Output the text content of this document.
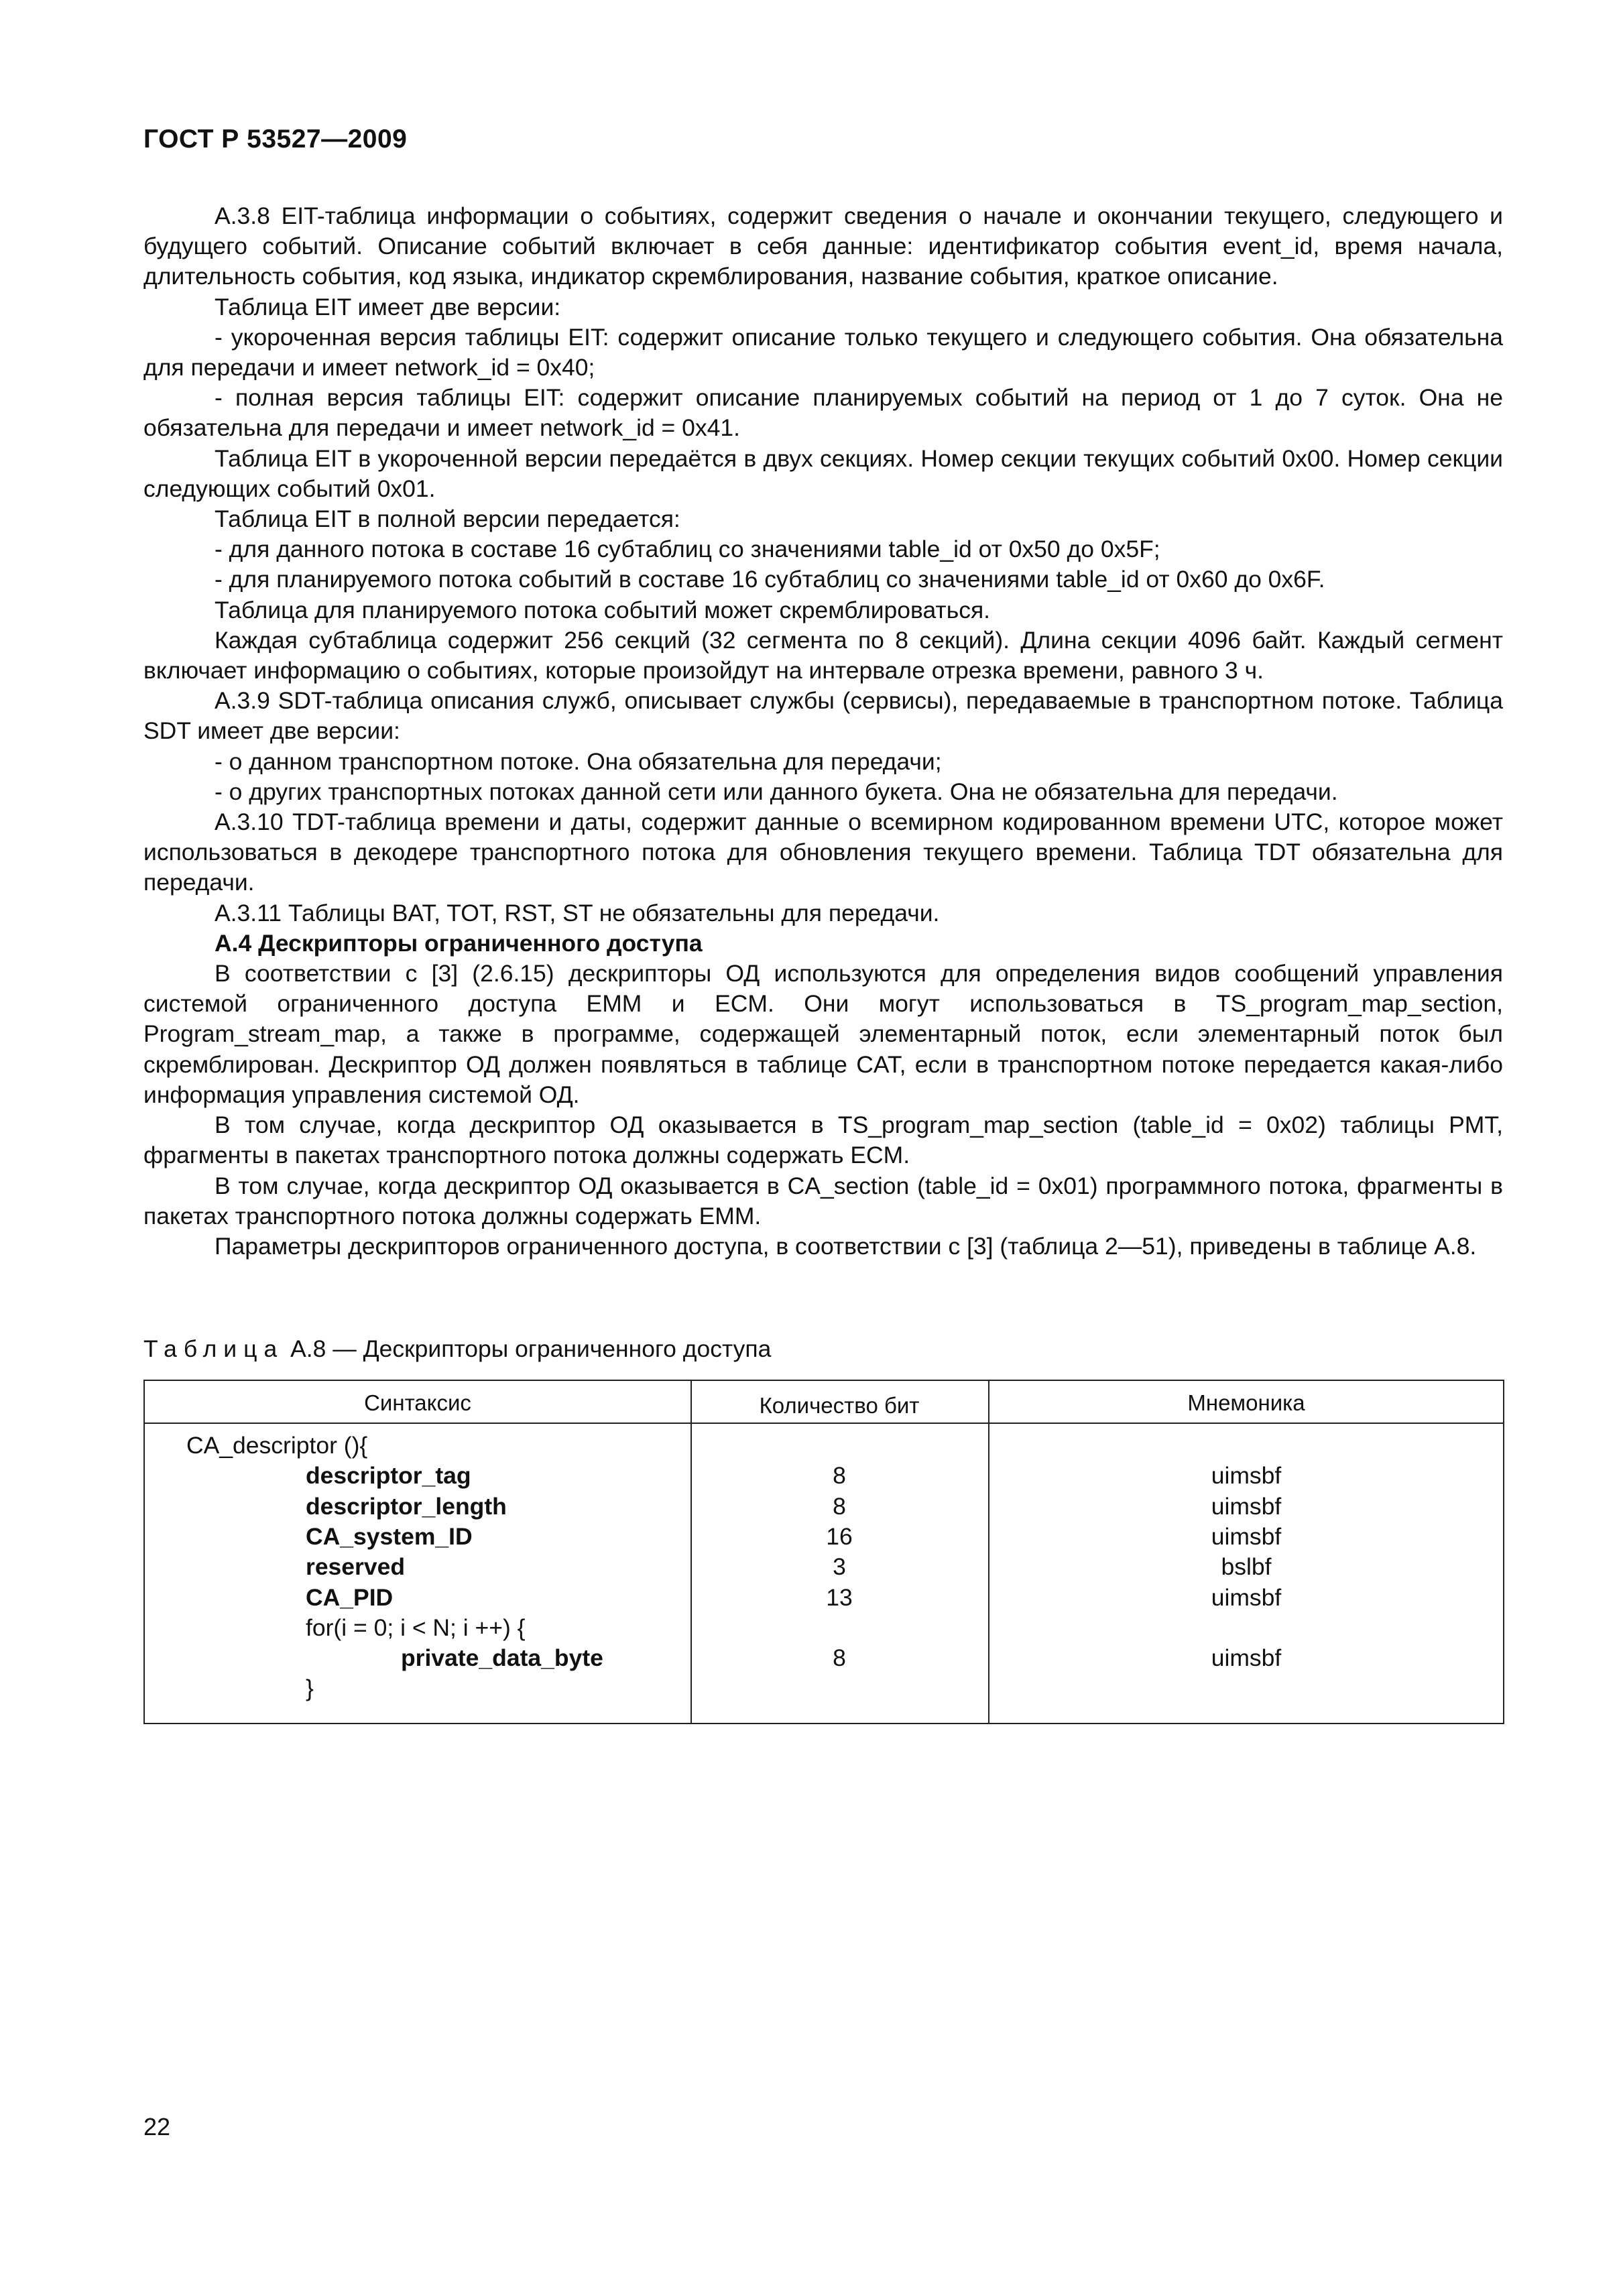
ГОСТ Р 53527—2009

А.3.8 EIT-таблица информации о событиях, содержит сведения о начале и окончании текущего, следующего и будущего событий. Описание событий включает в себя данные: идентификатор события event_id, время начала, длительность события, код языка, индикатор скремблирования, название события, краткое описание.

Таблица EIT имеет две версии:

- укороченная версия таблицы EIT: содержит описание только текущего и следующего события. Она обязательна для передачи и имеет network_id = 0x40;

- полная версия таблицы EIT: содержит описание планируемых событий на период от 1 до 7 суток. Она не обязательна для передачи и имеет network_id = 0x41.

Таблица EIT в укороченной версии передаётся в двух секциях. Номер секции текущих событий 0x00. Номер секции следующих событий 0x01.

Таблица EIT в полной версии передается:

- для данного потока в составе 16 субтаблиц со значениями table_id от 0x50 до 0x5F;

- для планируемого потока событий в составе 16 субтаблиц со значениями table_id от 0x60 до 0x6F.

Таблица для планируемого потока событий может скремблироваться.

Каждая субтаблица содержит 256 секций (32 сегмента по 8 секций). Длина секции 4096 байт. Каждый сегмент включает информацию о событиях, которые произойдут на интервале отрезка времени, равного 3 ч.

А.3.9 SDT-таблица описания служб, описывает службы (сервисы), передаваемые в транспортном потоке. Таблица SDT имеет две версии:

- о данном транспортном потоке. Она обязательна для передачи;

- о других транспортных потоках данной сети или данного букета. Она не обязательна для передачи.

А.3.10 TDT-таблица времени и даты, содержит данные о всемирном кодированном времени UTC, которое может использоваться в декодере транспортного потока для обновления текущего времени. Таблица TDT обязательна для передачи.

А.3.11 Таблицы BAT, TOT, RST, ST не обязательны для передачи.

А.4 Дескрипторы ограниченного доступа

В соответствии с [3] (2.6.15) дескрипторы ОД используются для определения видов сообщений управления системой ограниченного доступа EMM и ECM. Они могут использоваться в TS_program_map_section, Program_stream_map, а также в программе, содержащей элементарный поток, если элементарный поток был скремблирован. Дескриптор ОД должен появляться в таблице CAT, если в транспортном потоке передается какая-либо информация управления системой ОД.

В том случае, когда дескриптор ОД оказывается в TS_program_map_section (table_id = 0x02) таблицы PMT, фрагменты в пакетах транспортного потока должны содержать ECM.

В том случае, когда дескриптор ОД оказывается в CA_section (table_id = 0x01) программного потока, фрагменты в пакетах транспортного потока должны содержать EMM.

Параметры дескрипторов ограниченного доступа, в соответствии с [3] (таблица 2—51), приведены в таблице А.8.

Таблица А.8 — Дескрипторы ограниченного доступа
Синтаксис	Количество бит	Мнемоника
CA_descriptor (){
descriptor_tag	8	uimsbf
descriptor_length	8	uimsbf
CA_system_ID	16	uimsbf
reserved	3	bslbf
CA_PID	13	uimsbf
for(i = 0; i < N; i ++) {
private_data_byte	8	uimsbf
}
22
